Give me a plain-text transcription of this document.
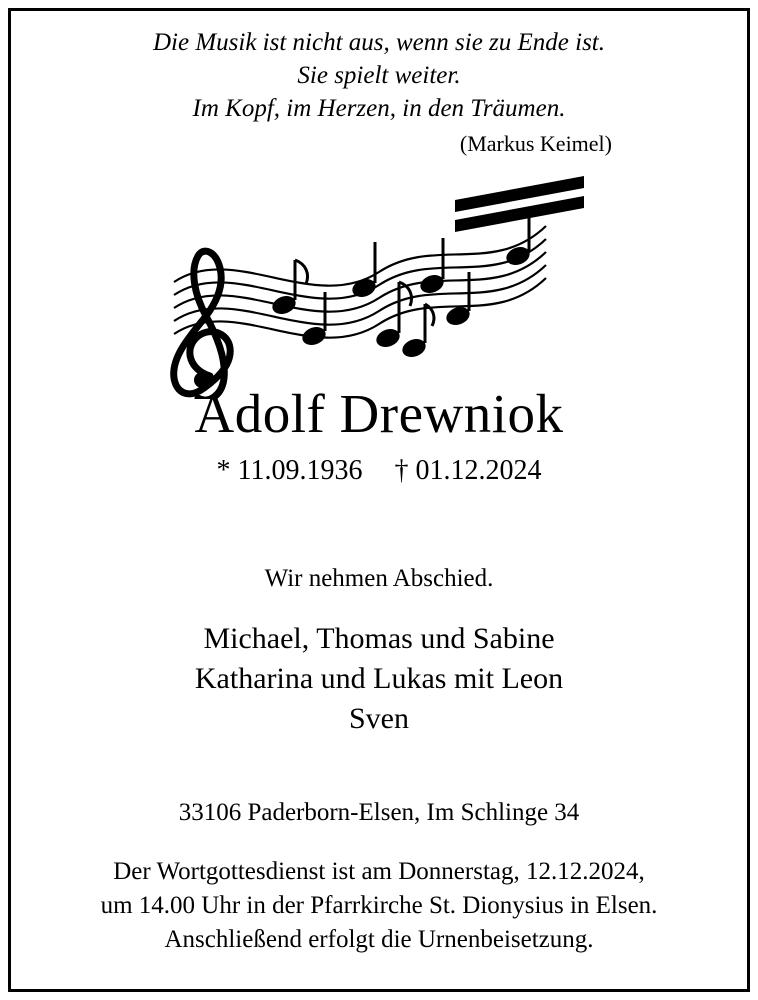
Die Musik ist nicht aus, wenn sie zu Ende ist.
Sie spielt weiter.
Im Kopf, im Herzen, in den Träumen.
(Markus Keimel)
Adolf Drewniok
* 11.09.1936 † 01.12.2024
Wir nehmen Abschied.
Michael, Thomas und Sabine
Katharina und Lukas mit Leon
Sven
33106 Paderborn-Elsen, Im Schlinge 34
Der Wortgottesdienst ist am Donnerstag, 12.12.2024,
um 14.00 Uhr in der Pfarrkirche St. Dionysius in Elsen.
Anschließend erfolgt die Urnenbeisetzung.
